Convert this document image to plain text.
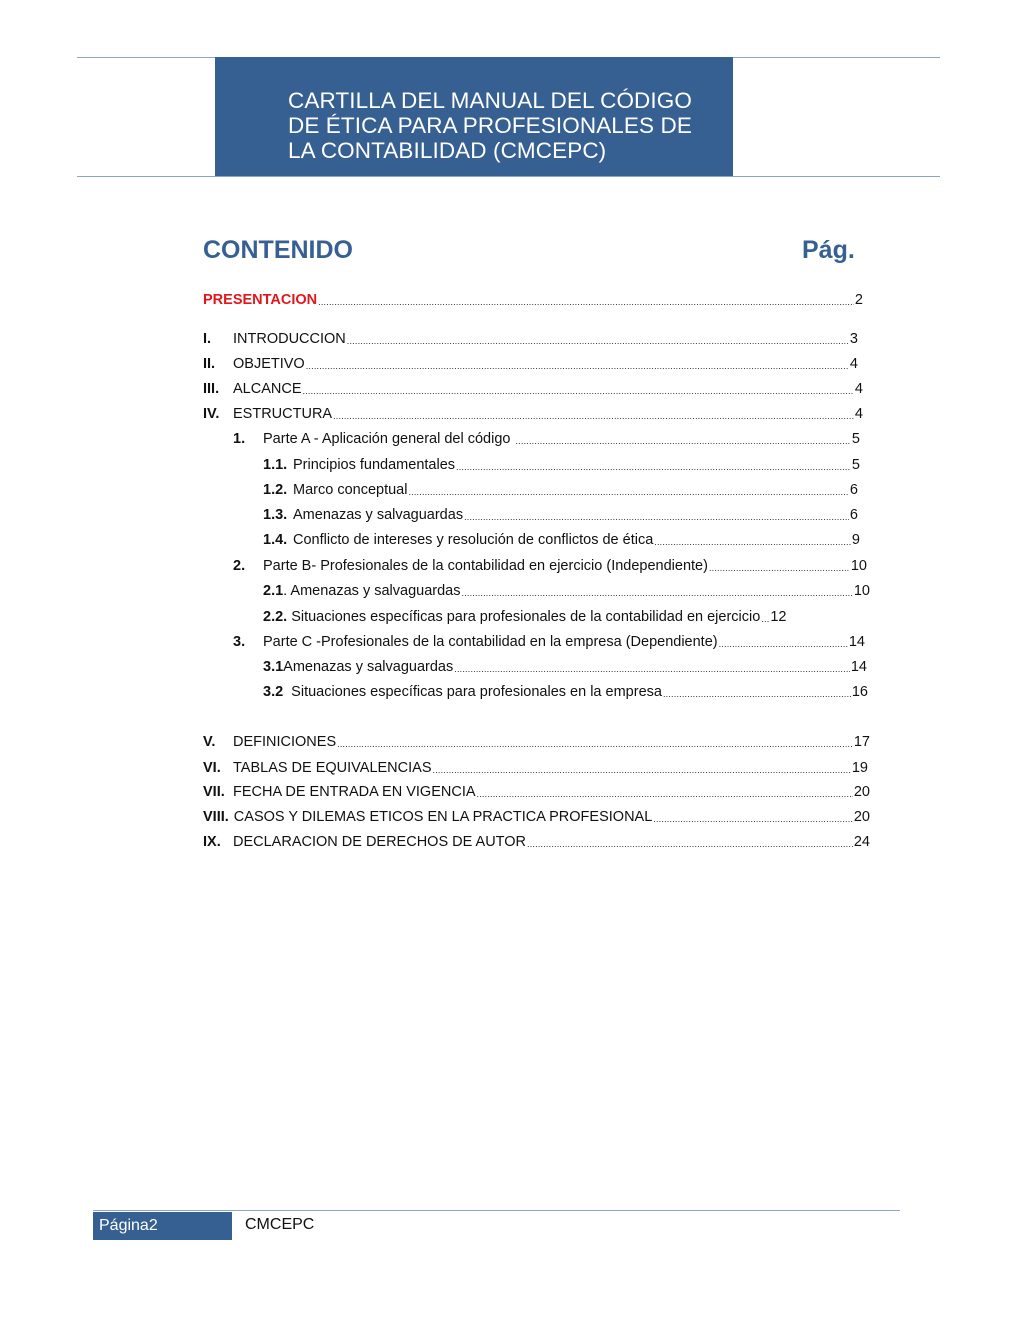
CARTILLA DEL MANUAL DEL CÓDIGO
DE ÉTICA PARA PROFESIONALES DE
LA CONTABILIDAD (CMCEPC)
CONTENIDO	Pág.
PRESENTACION .....	2
I.	INTRODUCCION .....	3
II.	OBJETIVO .....	4
III. ALCANCE .....	4
IV. ESTRUCTURA .....	4
1.	Parte A - Aplicación general del código .....	5
1.1. Principios fundamentales .....	5
1.2. Marco conceptual .....	6
1.3. Amenazas y salvaguardas .....	6
1.4. Conflicto de intereses y resolución de conflictos de ética .....	9
2.	Parte B- Profesionales de la contabilidad en ejercicio (Independiente) .....	10
2.1 . Amenazas y salvaguardas .....	10
2.2. Situaciones específicas para profesionales de la contabilidad en ejercicio ..... 12
3.	Parte C -Profesionales de la contabilidad en la empresa (Dependiente) .....	14
3.1 Amenazas y salvaguardas .....	14
3.2 Situaciones específicas para profesionales en la empresa .....	16
V.	DEFINICIONES .....	17
VI. TABLAS DE EQUIVALENCIAS .....	19
VII. FECHA DE ENTRADA EN VIGENCIA .....	20
VIII. CASOS Y DILEMAS ETICOS EN LA PRACTICA PROFESIONAL .....	20
IX. DECLARACION DE DERECHOS DE AUTOR .....	24
Página2	CMCEPC
